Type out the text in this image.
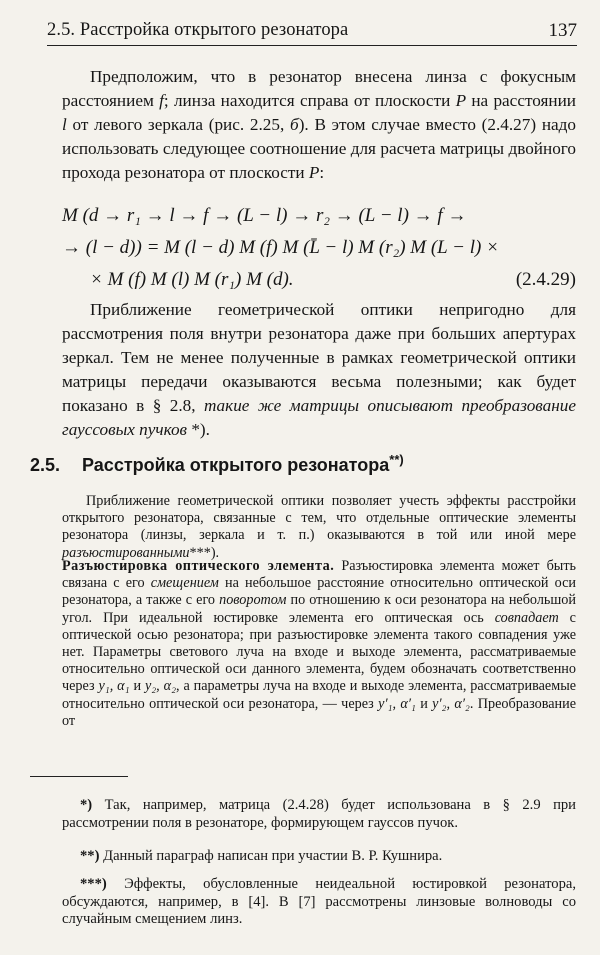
2.5. Расстройка открытого резонатора	137

Предположим, что в резонатор внесена линза с фокусным расстоянием f; линза находится справа от плоскости P на расстоянии l от левого зеркала (рис. 2.25, б). В этом случае вместо (2.4.27) надо использовать следующее соотношение для расчета матрицы двойного прохода резонатора от плоскости P:

M (d → r₁ → l → f → (L − l) → r₂ → (L − l) → f →
→ (l − d)) = M (l − d) M (f) M (L̄ − l) M (r₂) M (L − l) ×
× M (f) M (l) M (r₁) M (d).	(2.4.29)

Приближение геометрической оптики непригодно для рассмотрения поля внутри резонатора даже при больших апертурах зеркал. Тем не менее полученные в рамках геометрической оптики матрицы передачи оказываются весьма полезными; как будет показано в § 2.8, такие же матрицы описывают преобразование гауссовых пучков *).

2.5. Расстройка открытого резонатора**)

Приближение геометрической оптики позволяет учесть эффекты расстройки открытого резонатора, связанные с тем, что отдельные оптические элементы резонатора (линзы, зеркала и т. п.) оказываются в той или иной мере разъюстированными***).

Разъюстировка оптического элемента. Разъюстировка элемента может быть связана с его смещением на небольшое расстояние относительно оптической оси резонатора, а также с его поворотом по отношению к оси резонатора на небольшой угол. При идеальной юстировке элемента его оптическая ось совпадает с оптической осью резонатора; при разъюстировке элемента такого совпадения уже нет. Параметры светового луча на входе и выходе элемента, рассматриваемые относительно оптической оси данного элемента, будем обозначать соответственно через y₁, α₁ и y₂, α₂, а параметры луча на входе и выходе элемента, рассматриваемые относительно оптической оси резонатора, — через y′₁, α′₁ и y′₂, α′₂. Преобразование от

*) Так, например, матрица (2.4.28) будет использована в § 2.9 при рассмотрении поля в резонаторе, формирующем гауссов пучок.

**) Данный параграф написан при участии В. Р. Кушнира.

***) Эффекты, обусловленные неидеальной юстировкой резонатора, обсуждаются, например, в [4]. В [7] рассмотрены линзовые волноводы со случайным смещением линз.
